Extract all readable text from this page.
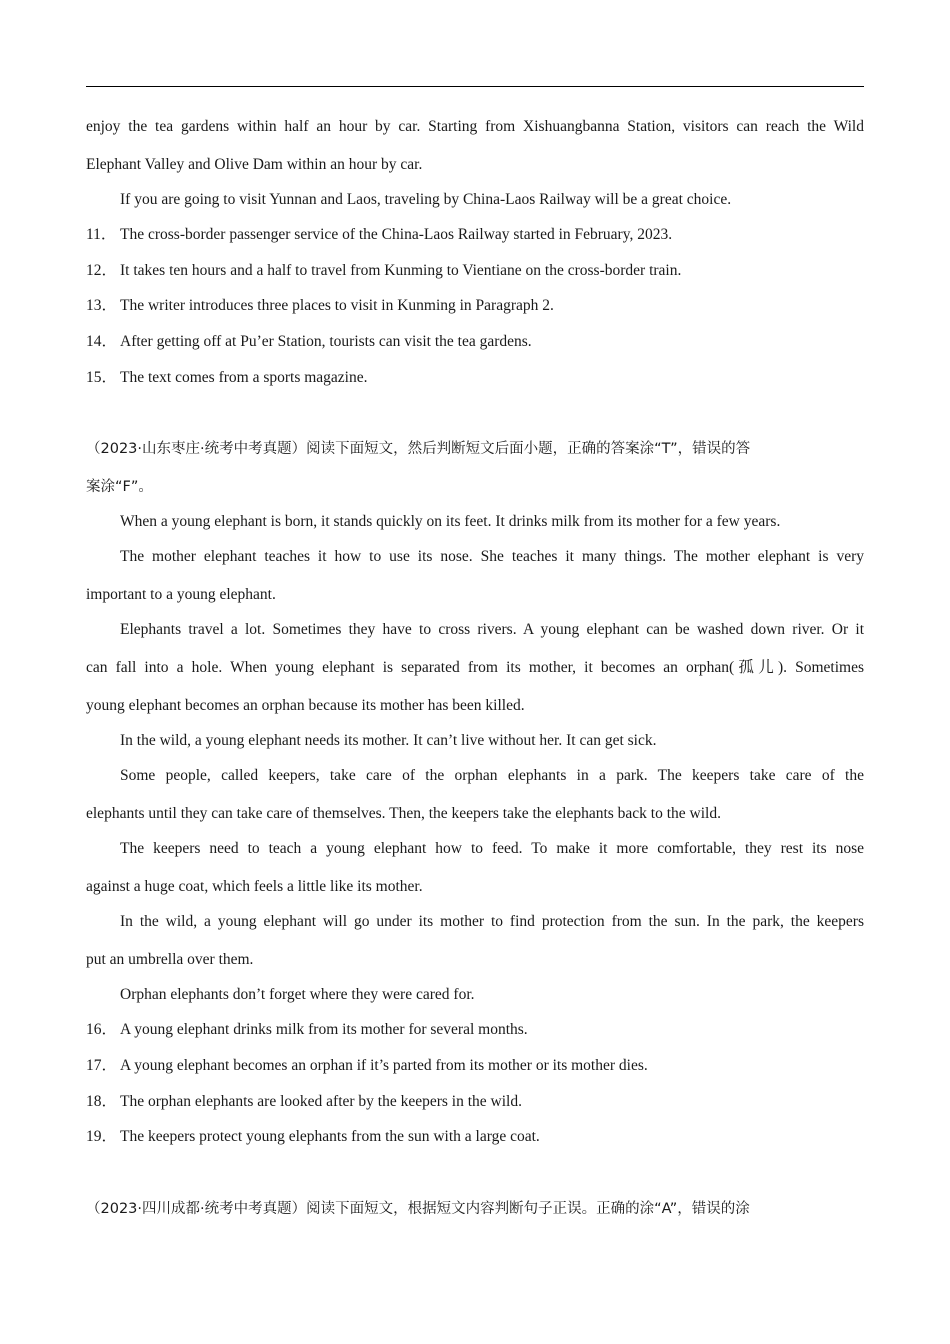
enjoy the tea gardens within half an hour by car. Starting from Xishuangbanna Station, visitors can reach the Wild
Elephant Valley and Olive Dam within an hour by car.
If you are going to visit Yunnan and Laos, traveling by China-Laos Railway will be a great choice.
11． The cross-border passenger service of the China-Laos Railway started in February, 2023.
12． It takes ten hours and a half to travel from Kunming to Vientiane on the cross-border train.
13． The writer introduces three places to visit in Kunming in Paragraph 2.
14． After getting off at Pu’er Station, tourists can visit the tea gardens.
15． The text comes from a sports magazine.
（2023·山东枣庄·统考中考真题）阅读下面短文，然后判断短文后面小题，正确的答案涂“T”，错误的答
案涂“F”。
When a young elephant is born, it stands quickly on its feet. It drinks milk from its mother for a few years.
The mother elephant teaches it how to use its nose. She teaches it many things. The mother elephant is very
important to a young elephant.
Elephants travel a lot. Sometimes they have to cross rivers. A young elephant can be washed down river. Or it
can fall into a hole. When young elephant is separated from its mother, it becomes an orphan(孤儿). Sometimes
young elephant becomes an orphan because its mother has been killed.
In the wild, a young elephant needs its mother. It can’t live without her. It can get sick.
Some people, called keepers, take care of the orphan elephants in a park. The keepers take care of the
elephants until they can take care of themselves. Then, the keepers take the elephants back to the wild.
The keepers need to teach a young elephant how to feed. To make it more comfortable, they rest its nose
against a huge coat, which feels a little like its mother.
In the wild, a young elephant will go under its mother to find protection from the sun. In the park, the keepers
put an umbrella over them.
Orphan elephants don’t forget where they were cared for.
16． A young elephant drinks milk from its mother for several months.
17． A young elephant becomes an orphan if it’s parted from its mother or its mother dies.
18． The orphan elephants are looked after by the keepers in the wild.
19． The keepers protect young elephants from the sun with a large coat.
（2023·四川成都·统考中考真题）阅读下面短文，根据短文内容判断句子正误。正确的涂“A”，错误的涂
